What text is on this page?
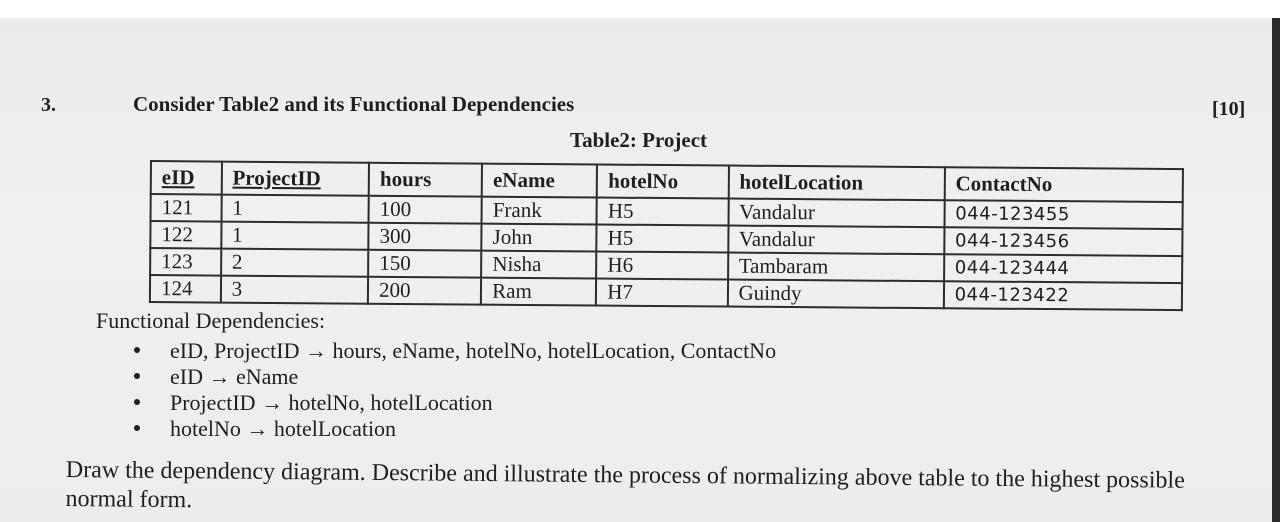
3.	Consider Table2 and its Functional Dependencies	[10]
Table2: Project
eID	ProjectID	hours	eName	hotelNo	hotelLocation	ContactNo
121	1	100	Frank	H5	Vandalur	044-123455
122	1	300	John	H5	Vandalur	044-123456
123	2	150	Nisha	H6	Tambaram	044-123444
124	3	200	Ram	H7	Guindy	044-123422
Functional Dependencies:
eID, ProjectID → hours, eName, hotelNo, hotelLocation, ContactNo
eID → eName
ProjectID → hotelNo, hotelLocation
hotelNo → hotelLocation
Draw the dependency diagram. Describe and illustrate the process of normalizing above table to the highest possible normal form.
